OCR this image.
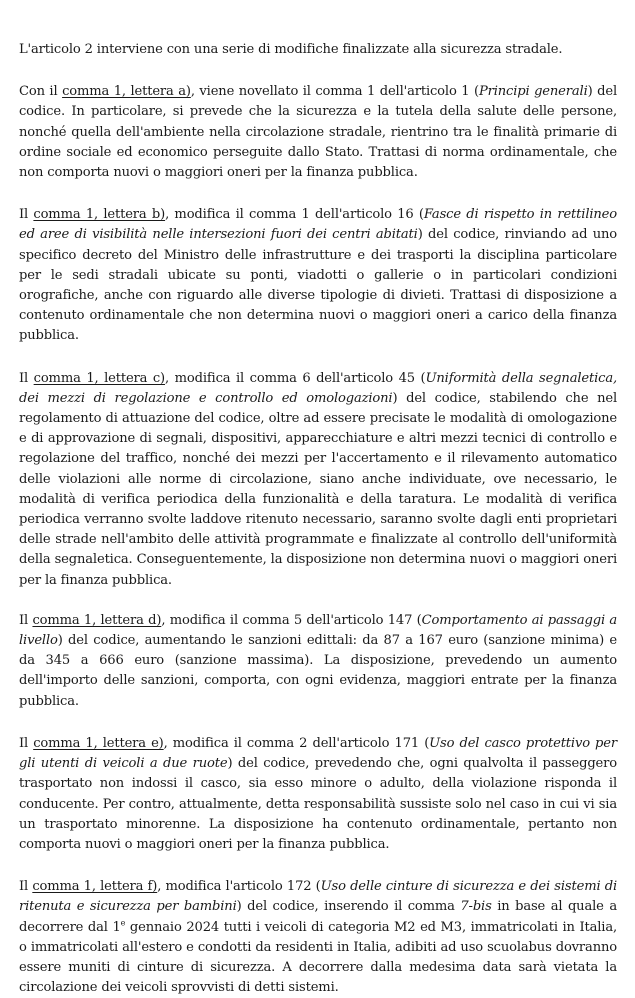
L'articolo 2 interviene con una serie di modifiche finalizzate alla sicurezza stradale.

Con il comma 1, lettera a), viene novellato il comma 1 dell'articolo 1 (Principi generali) del codice. In particolare, si prevede che la sicurezza e la tutela della salute delle persone, nonché quella dell'ambiente nella circolazione stradale, rientrino tra le finalità primarie di ordine sociale ed economico perseguite dallo Stato. Trattasi di norma ordinamentale, che non comporta nuovi o maggiori oneri per la finanza pubblica.

Il comma 1, lettera b), modifica il comma 1 dell'articolo 16 (Fasce di rispetto in rettilineo ed aree di visibilità nelle intersezioni fuori dei centri abitati) del codice, rinviando ad uno specifico decreto del Ministro delle infrastrutture e dei trasporti la disciplina particolare per le sedi stradali ubicate su ponti, viadotti o gallerie o in particolari condizioni orografiche, anche con riguardo alle diverse tipologie di divieti. Trattasi di disposizione a contenuto ordinamentale che non determina nuovi o maggiori oneri a carico della finanza pubblica.

Il comma 1, lettera c), modifica il comma 6 dell'articolo 45 (Uniformità della segnaletica, dei mezzi di regolazione e controllo ed omologazioni) del codice, stabilendo che nel regolamento di attuazione del codice, oltre ad essere precisate le modalità di omologazione e di approvazione di segnali, dispositivi, apparecchiature e altri mezzi tecnici di controllo e regolazione del traffico, nonché dei mezzi per l'accertamento e il rilevamento automatico delle violazioni alle norme di circolazione, siano anche individuate, ove necessario, le modalità di verifica periodica della funzionalità e della taratura. Le modalità di verifica periodica verranno svolte laddove ritenuto necessario, saranno svolte dagli enti proprietari delle strade nell'ambito delle attività programmate e finalizzate al controllo dell'uniformità della segnaletica. Conseguentemente, la disposizione non determina nuovi o maggiori oneri per la finanza pubblica.

Il comma 1, lettera d), modifica il comma 5 dell'articolo 147 (Comportamento ai passaggi a livello) del codice, aumentando le sanzioni edittali: da 87 a 167 euro (sanzione minima) e da 345 a 666 euro (sanzione massima). La disposizione, prevedendo un aumento dell'importo delle sanzioni, comporta, con ogni evidenza, maggiori entrate per la finanza pubblica.

Il comma 1, lettera e), modifica il comma 2 dell'articolo 171 (Uso del casco protettivo per gli utenti di veicoli a due ruote) del codice, prevedendo che, ogni qualvolta il passeggero trasportato non indossi il casco, sia esso minore o adulto, della violazione risponda il conducente. Per contro, attualmente, detta responsabilità sussiste solo nel caso in cui vi sia un trasportato minorenne. La disposizione ha contenuto ordinamentale, pertanto non comporta nuovi o maggiori oneri per la finanza pubblica.

Il comma 1, lettera f), modifica l'articolo 172 (Uso delle cinture di sicurezza e dei sistemi di ritenuta e sicurezza per bambini) del codice, inserendo il comma 7-bis in base al quale a decorrere dal 1e gennaio 2024 tutti i veicoli di categoria M2 ed M3, immatricolati in Italia, o immatricolati all'estero e condotti da residenti in Italia, adibiti ad uso scuolabus dovranno essere muniti di cinture di sicurezza. A decorrere dalla medesima data sarà vietata la circolazione dei veicoli sprovvisti di detti sistemi.
